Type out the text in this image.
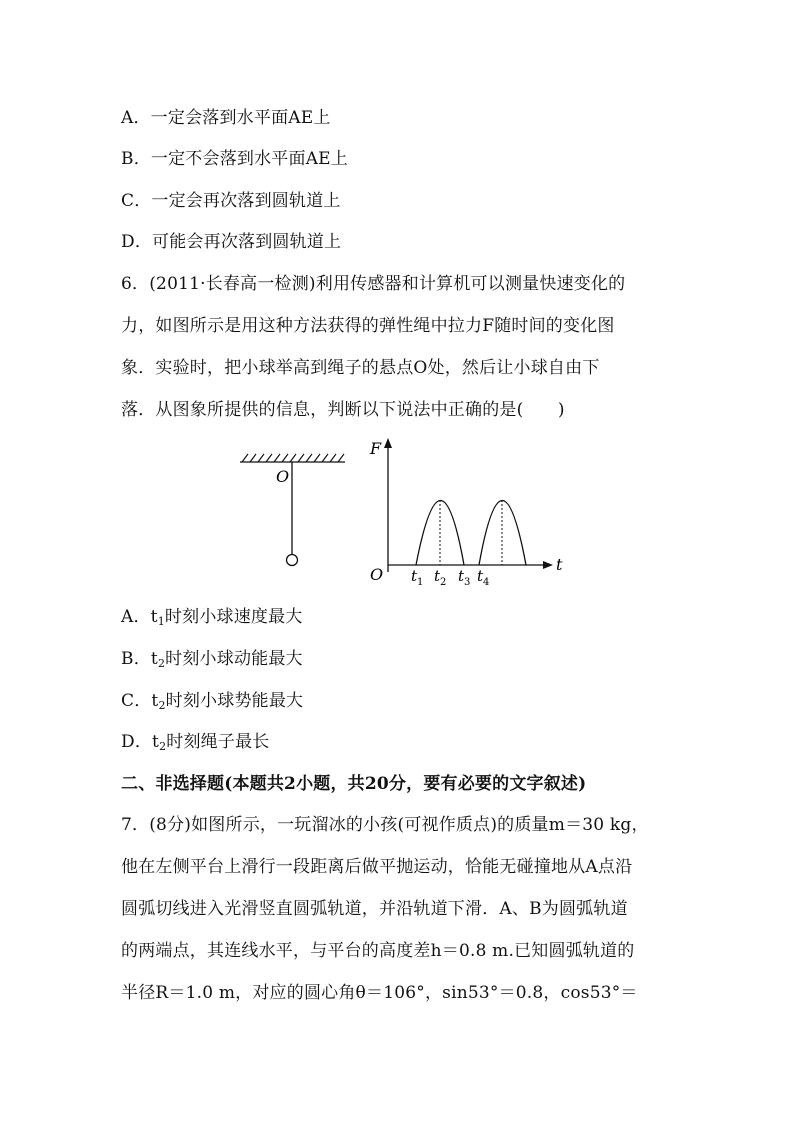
A．一定会落到水平面AE上
B．一定不会落到水平面AE上
C．一定会再次落到圆轨道上
D．可能会再次落到圆轨道上
6．(2011·长春高一检测)利用传感器和计算机可以测量快速变化的
力，如图所示是用这种方法获得的弹性绳中拉力F随时间的变化图
象．实验时，把小球举高到绳子的悬点O处，然后让小球自由下
落．从图象所提供的信息，判断以下说法中正确的是(　　)
O
F
t
O $t_1$ $t_2$ $t_3$ $t_4$
A．$t_1$时刻小球速度最大
B．$t_2$时刻小球动能最大
C．$t_2$时刻小球势能最大
D．$t_2$时刻绳子最长
二、非选择题(本题共2小题，共20分，要有必要的文字叙述)
7．(8分)如图所示，一玩溜冰的小孩(可视作质点)的质量m＝30 kg，
他在左侧平台上滑行一段距离后做平抛运动，恰能无碰撞地从A点沿
圆弧切线进入光滑竖直圆弧轨道，并沿轨道下滑．A、B为圆弧轨道
的两端点，其连线水平，与平台的高度差h＝0.8 m.已知圆弧轨道的
半径R＝1.0 m，对应的圆心角θ＝106°，sin53°＝0.8，cos53°＝
